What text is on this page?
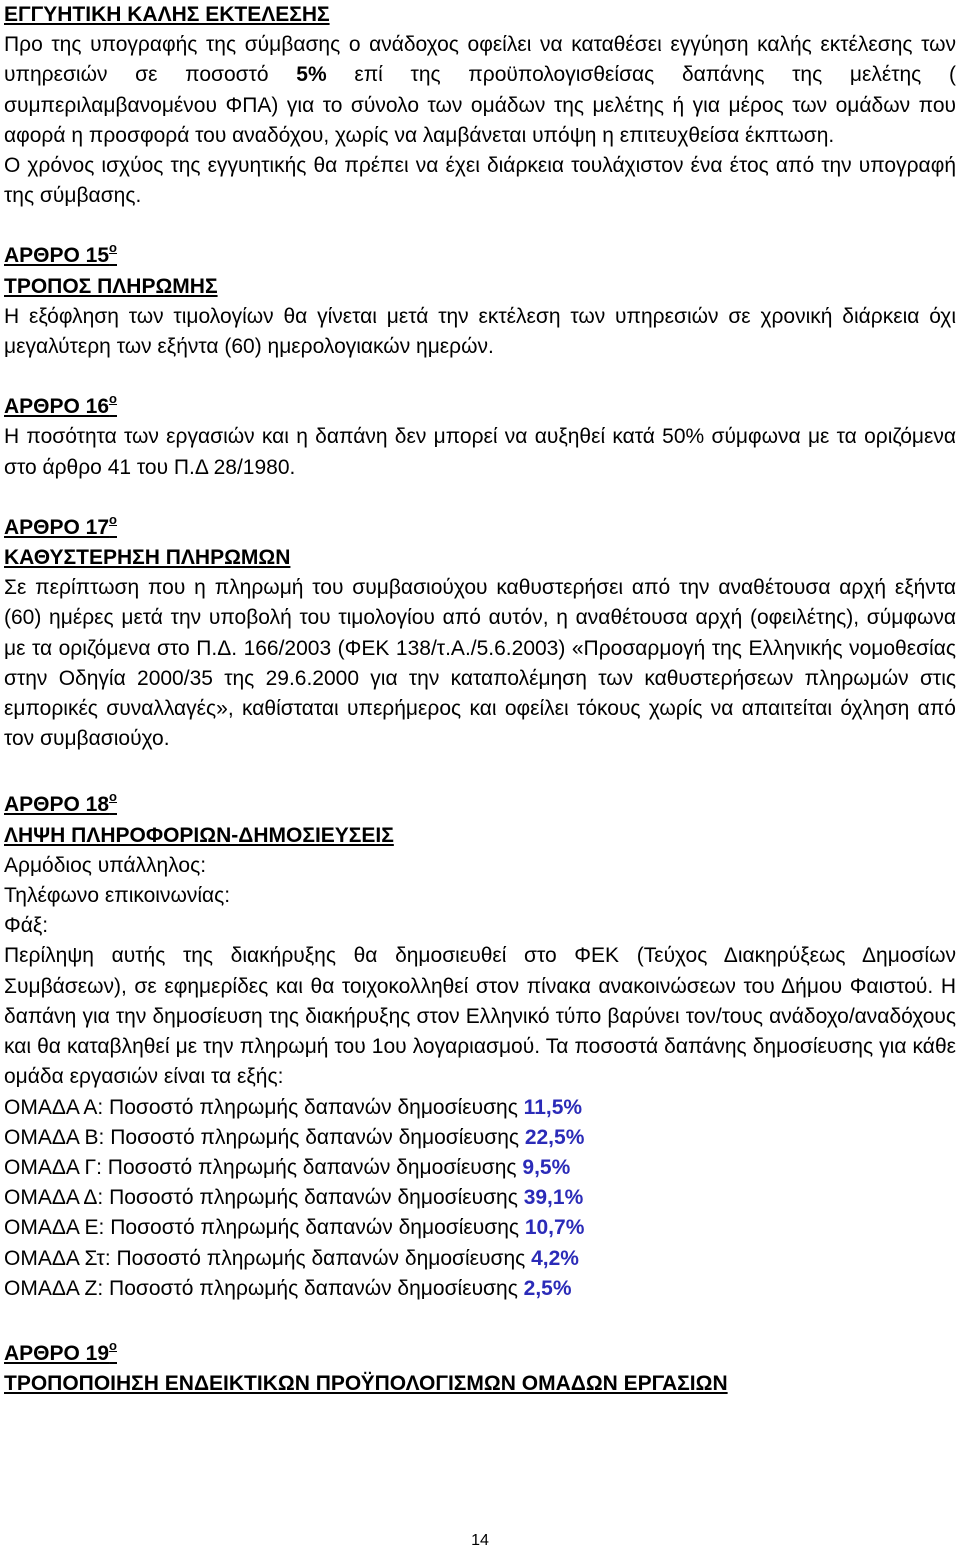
ΕΓΓΥΗΤΙΚΗ ΚΑΛΗΣ ΕΚΤΕΛΕΣΗΣ

Προ της υπογραφής της σύμβασης ο ανάδοχος οφείλει να καταθέσει εγγύηση καλής εκτέλεσης των υπηρεσιών σε ποσοστό 5% επί της προϋπολογισθείσας δαπάνης της μελέτης ( συμπεριλαμβανομένου ΦΠΑ) για το σύνολο των ομάδων της μελέτης ή για μέρος των ομάδων που αφορά η προσφορά του αναδόχου, χωρίς να λαμβάνεται υπόψη η επιτευχθείσα έκπτωση.

Ο χρόνος ισχύος της εγγυητικής θα πρέπει να έχει διάρκεια τουλάχιστον ένα έτος από την υπογραφή της σύμβασης.

ΑΡΘΡΟ $15^o$
ΤΡΟΠΟΣ ΠΛΗΡΩΜΗΣ

Η εξόφληση των τιμολογίων θα γίνεται μετά την εκτέλεση των υπηρεσιών σε χρονική διάρκεια όχι μεγαλύτερη των εξήντα (60) ημερολογιακών ημερών.

ΑΡΘΡΟ $16^o$

Η ποσότητα των εργασιών και η δαπάνη δεν μπορεί να αυξηθεί κατά 50% σύμφωνα με τα οριζόμενα στο άρθρο 41 του Π.Δ 28/1980.

ΑΡΘΡΟ $17^o$
ΚΑΘΥΣΤΕΡΗΣΗ ΠΛΗΡΩΜΩΝ

Σε περίπτωση που η πληρωμή του συμβασιούχου καθυστερήσει από την αναθέτουσα αρχή εξήντα (60) ημέρες μετά την υποβολή του τιμολογίου από αυτόν, η αναθέτουσα αρχή (οφειλέτης), σύμφωνα με τα οριζόμενα στο Π.Δ. 166/2003 (ΦΕΚ 138/τ.Α./5.6.2003) «Προσαρμογή της Ελληνικής νομοθεσίας στην Οδηγία 2000/35 της 29.6.2000 για την καταπολέμηση των καθυστερήσεων πληρωμών στις εμπορικές συναλλαγές», καθίσταται υπερήμερος και οφείλει τόκους χωρίς να απαιτείται όχληση από τον συμβασιούχο.

ΑΡΘΡΟ $18^o$
ΛΗΨΗ ΠΛΗΡΟΦΟΡΙΩΝ-ΔΗΜΟΣΙΕΥΣΕΙΣ
Αρμόδιος υπάλληλος:
Τηλέφωνο επικοινωνίας:
Φάξ:

Περίληψη αυτής της διακήρυξης θα δημοσιευθεί στο ΦΕΚ (Τεύχος Διακηρύξεως Δημοσίων Συμβάσεων), σε εφημερίδες και θα τοιχοκολληθεί στον πίνακα ανακοινώσεων του Δήμου Φαιστού. Η δαπάνη για την δημοσίευση της διακήρυξης στον Ελληνικό τύπο βαρύνει τον/τους ανάδοχο/αναδόχους και θα καταβληθεί με την πληρωμή του 1ου λογαριασμού. Τα ποσοστά δαπάνης δημοσίευσης για κάθε ομάδα εργασιών είναι τα εξής:

ΟΜΑΔΑ Α: Ποσοστό πληρωμής δαπανών δημοσίευσης 11,5%
ΟΜΑΔΑ Β: Ποσοστό πληρωμής δαπανών δημοσίευσης 22,5%
ΟΜΑΔΑ Γ: Ποσοστό πληρωμής δαπανών δημοσίευσης 9,5%
ΟΜΑΔΑ Δ: Ποσοστό πληρωμής δαπανών δημοσίευσης 39,1%
ΟΜΑΔΑ Ε: Ποσοστό πληρωμής δαπανών δημοσίευσης 10,7%
ΟΜΑΔΑ Στ: Ποσοστό πληρωμής δαπανών δημοσίευσης 4,2%
ΟΜΑΔΑ Ζ: Ποσοστό πληρωμής δαπανών δημοσίευσης 2,5%
ΑΡΘΡΟ $19^o$
ΤΡΟΠΟΠΟΙΗΣΗ ΕΝΔΕΙΚΤΙΚΩΝ ΠΡΟΫΠΟΛΟΓΙΣΜΩΝ ΟΜΑΔΩΝ ΕΡΓΑΣΙΩΝ
14
